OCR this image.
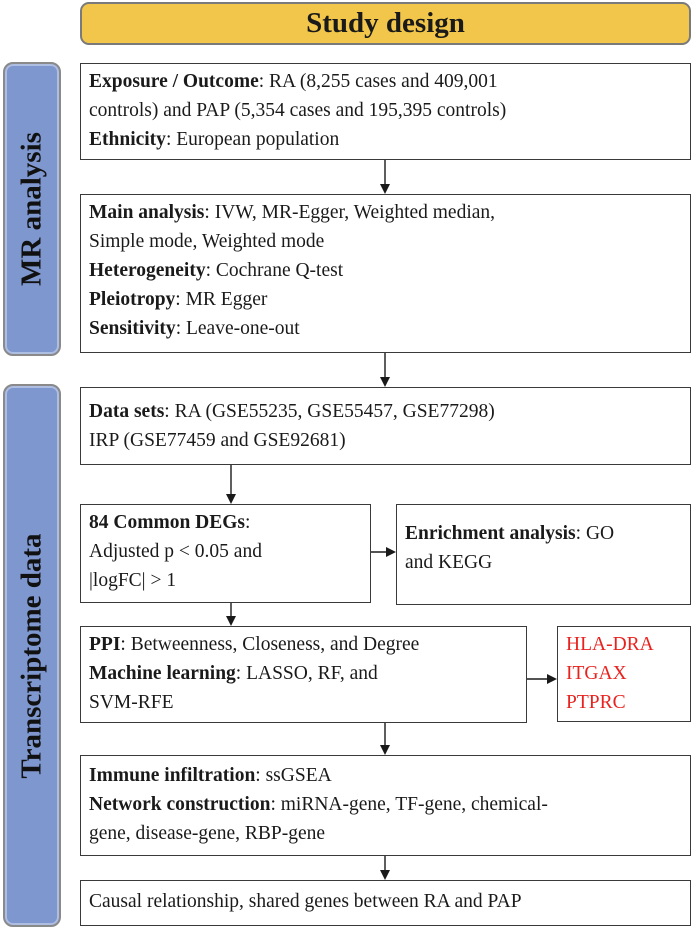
Study design
MR analysis
Transcriptome data
Exposure / Outcome: RA (8,255 cases and 409,001
controls) and PAP (5,354 cases and 195,395 controls)
Ethnicity: European population
Main analysis: IVW, MR-Egger, Weighted median,
Simple mode, Weighted mode
Heterogeneity: Cochrane Q-test
Pleiotropy: MR Egger
Sensitivity: Leave-one-out
Data sets: RA (GSE55235, GSE55457, GSE77298)
IRP (GSE77459 and GSE92681)
84 Common DEGs:
Adjusted p < 0.05 and
|logFC| > 1
Enrichment analysis: GO
and KEGG
PPI: Betweenness, Closeness, and Degree
Machine learning: LASSO, RF, and
SVM-RFE
HLA-DRA
ITGAX
PTPRC
Immune infiltration: ssGSEA
Network construction: miRNA-gene, TF-gene, chemical-
gene, disease-gene, RBP-gene
Causal relationship, shared genes between RA and PAP
